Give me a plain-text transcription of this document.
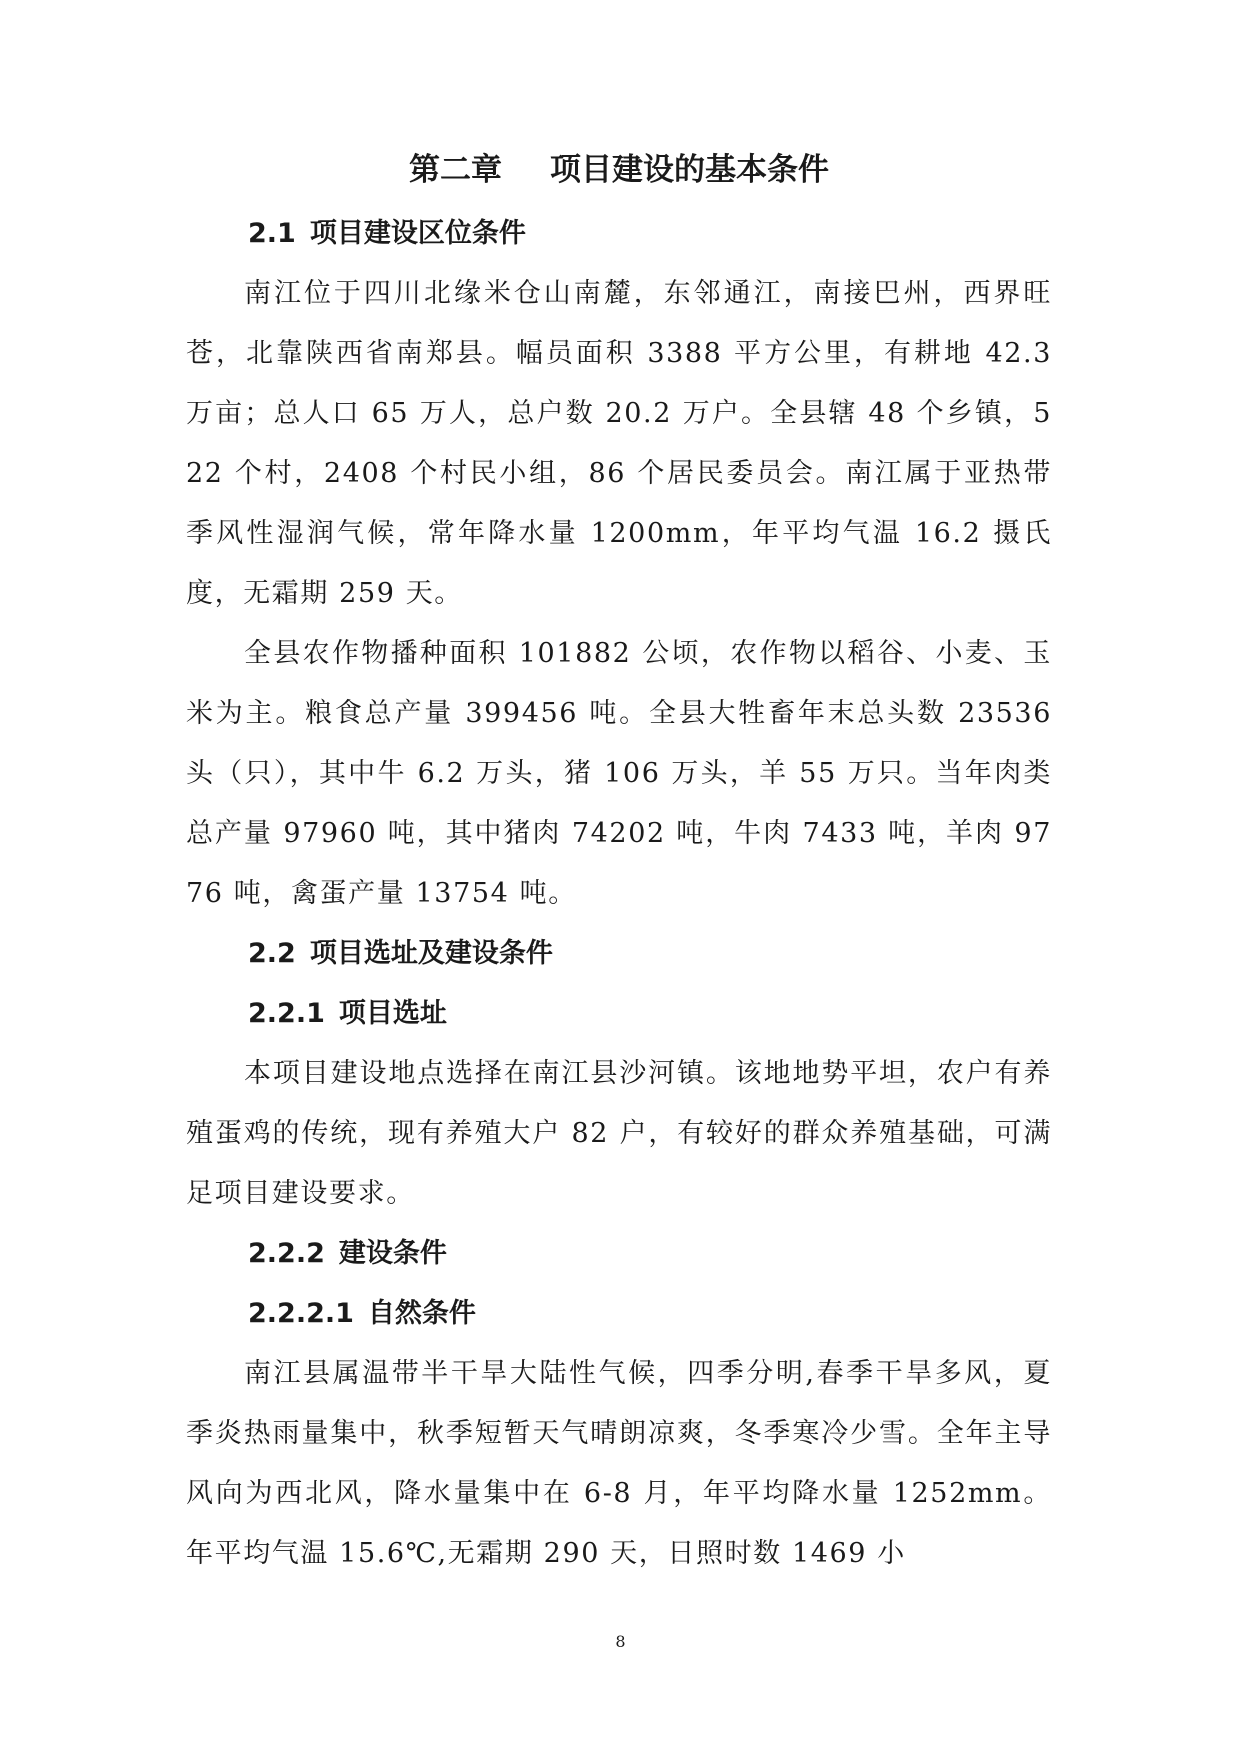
第二章 项目建设的基本条件
2.1 项目建设区位条件

南江位于四川北缘米仓山南麓，东邻通江，南接巴州，西界旺苍，北靠陕西省南郑县。幅员面积 3388 平方公里，有耕地 42.3 万亩；总人口 65 万人，总户数 20.2 万户。全县辖 48 个乡镇，522 个村，2408 个村民小组，86 个居民委员会。南江属于亚热带季风性湿润气候，常年降水量 1200mm，年平均气温 16.2 摄氏度，无霜期 259 天。

全县农作物播种面积 101882 公顷，农作物以稻谷、小麦、玉米为主。粮食总产量 399456 吨。全县大牲畜年末总头数 23536 头（只），其中牛 6.2 万头，猪 106 万头，羊 55 万只。当年肉类总产量 97960 吨，其中猪肉 74202 吨，牛肉 7433 吨，羊肉 9776 吨，禽蛋产量 13754 吨。

2.2 项目选址及建设条件
2.2.1 项目选址

本项目建设地点选择在南江县沙河镇。该地地势平坦，农户有养殖蛋鸡的传统，现有养殖大户 82 户，有较好的群众养殖基础，可满足项目建设要求。

2.2.2 建设条件
2.2.2.1 自然条件

南江县属温带半干旱大陆性气候，四季分明,春季干旱多风，夏季炎热雨量集中，秋季短暂天气晴朗凉爽，冬季寒冷少雪。全年主导风向为西北风，降水量集中在 6-8 月，年平均降水量 1252mm。年平均气温 15.6℃,无霜期 290 天，日照时数 1469 小

8
